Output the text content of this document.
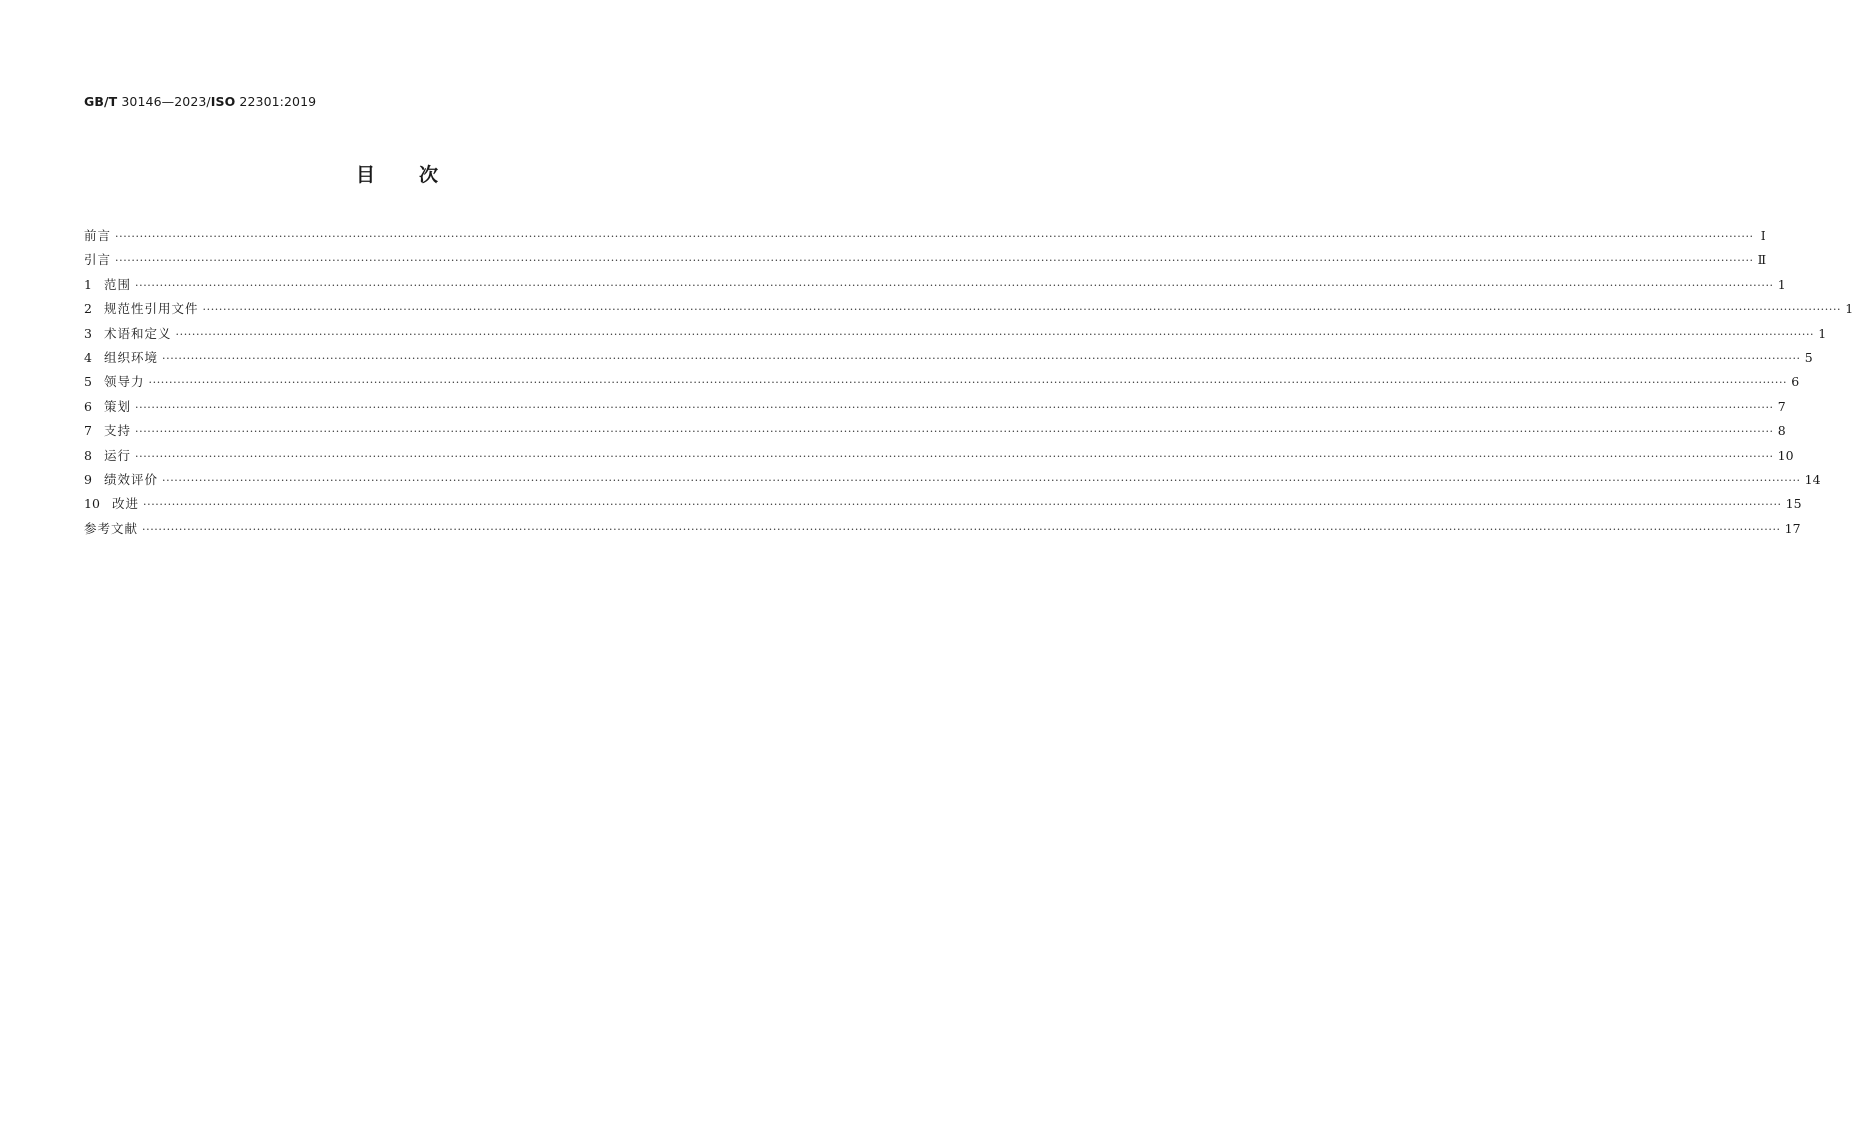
GB/T 30146—2023/ISO 22301:2019
目次
前言 ················································································································································································································································································································································································································ Ⅰ
引言 ················································································································································································································································································································································································································ Ⅱ
1 范围 ················································································································································································································································································································································································································ 1
2 规范性引用文件 ················································································································································································································································································································································································································ 1
3 术语和定义 ················································································································································································································································································································································································································ 1
4 组织环境 ················································································································································································································································································································································································································ 5
5 领导力 ················································································································································································································································································································································································································ 6
6 策划 ················································································································································································································································································································································································································ 7
7 支持 ················································································································································································································································································································································································································ 8
8 运行 ················································································································································································································································································································································································································ 10
9 绩效评价 ················································································································································································································································································································································································································ 14
10 改进 ················································································································································································································································································································································································································ 15
参考文献 ················································································································································································································································································································································································································ 17
